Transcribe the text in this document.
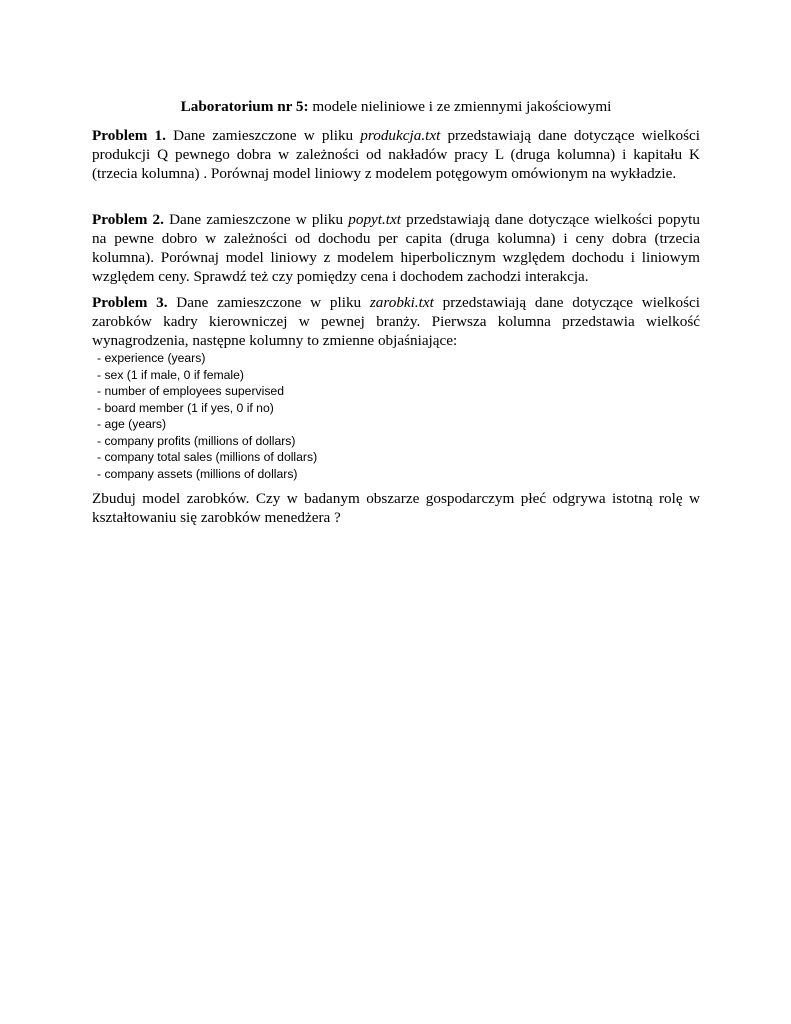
Laboratorium nr 5: modele nieliniowe i ze zmiennymi jakościowymi

Problem 1. Dane zamieszczone w pliku produkcja.txt przedstawiają dane dotyczące wielkości produkcji Q pewnego dobra w zależności od nakładów pracy L (druga kolumna) i kapitału K (trzecia kolumna) . Porównaj model liniowy z modelem potęgowym omówionym na wykładzie.

Problem 2. Dane zamieszczone w pliku popyt.txt przedstawiają dane dotyczące wielkości popytu na pewne dobro w zależności od dochodu per capita (druga kolumna) i ceny dobra (trzecia kolumna). Porównaj model liniowy z modelem hiperbolicznym względem dochodu i liniowym względem ceny. Sprawdź też czy pomiędzy cena i dochodem zachodzi interakcja.

Problem 3. Dane zamieszczone w pliku zarobki.txt przedstawiają dane dotyczące wielkości zarobków kadry kierowniczej w pewnej branży. Pierwsza kolumna przedstawia wielkość wynagrodzenia, następne kolumny to zmienne objaśniające:

- experience (years)
- sex (1 if male, 0 if female)
- number of employees supervised
- board member (1 if yes, 0 if no)
- age (years)
- company profits (millions of dollars)
- company total sales (millions of dollars)
- company assets (millions of dollars)

Zbuduj model zarobków. Czy w badanym obszarze gospodarczym płeć odgrywa istotną rolę w kształtowaniu się zarobków menedżera ?
